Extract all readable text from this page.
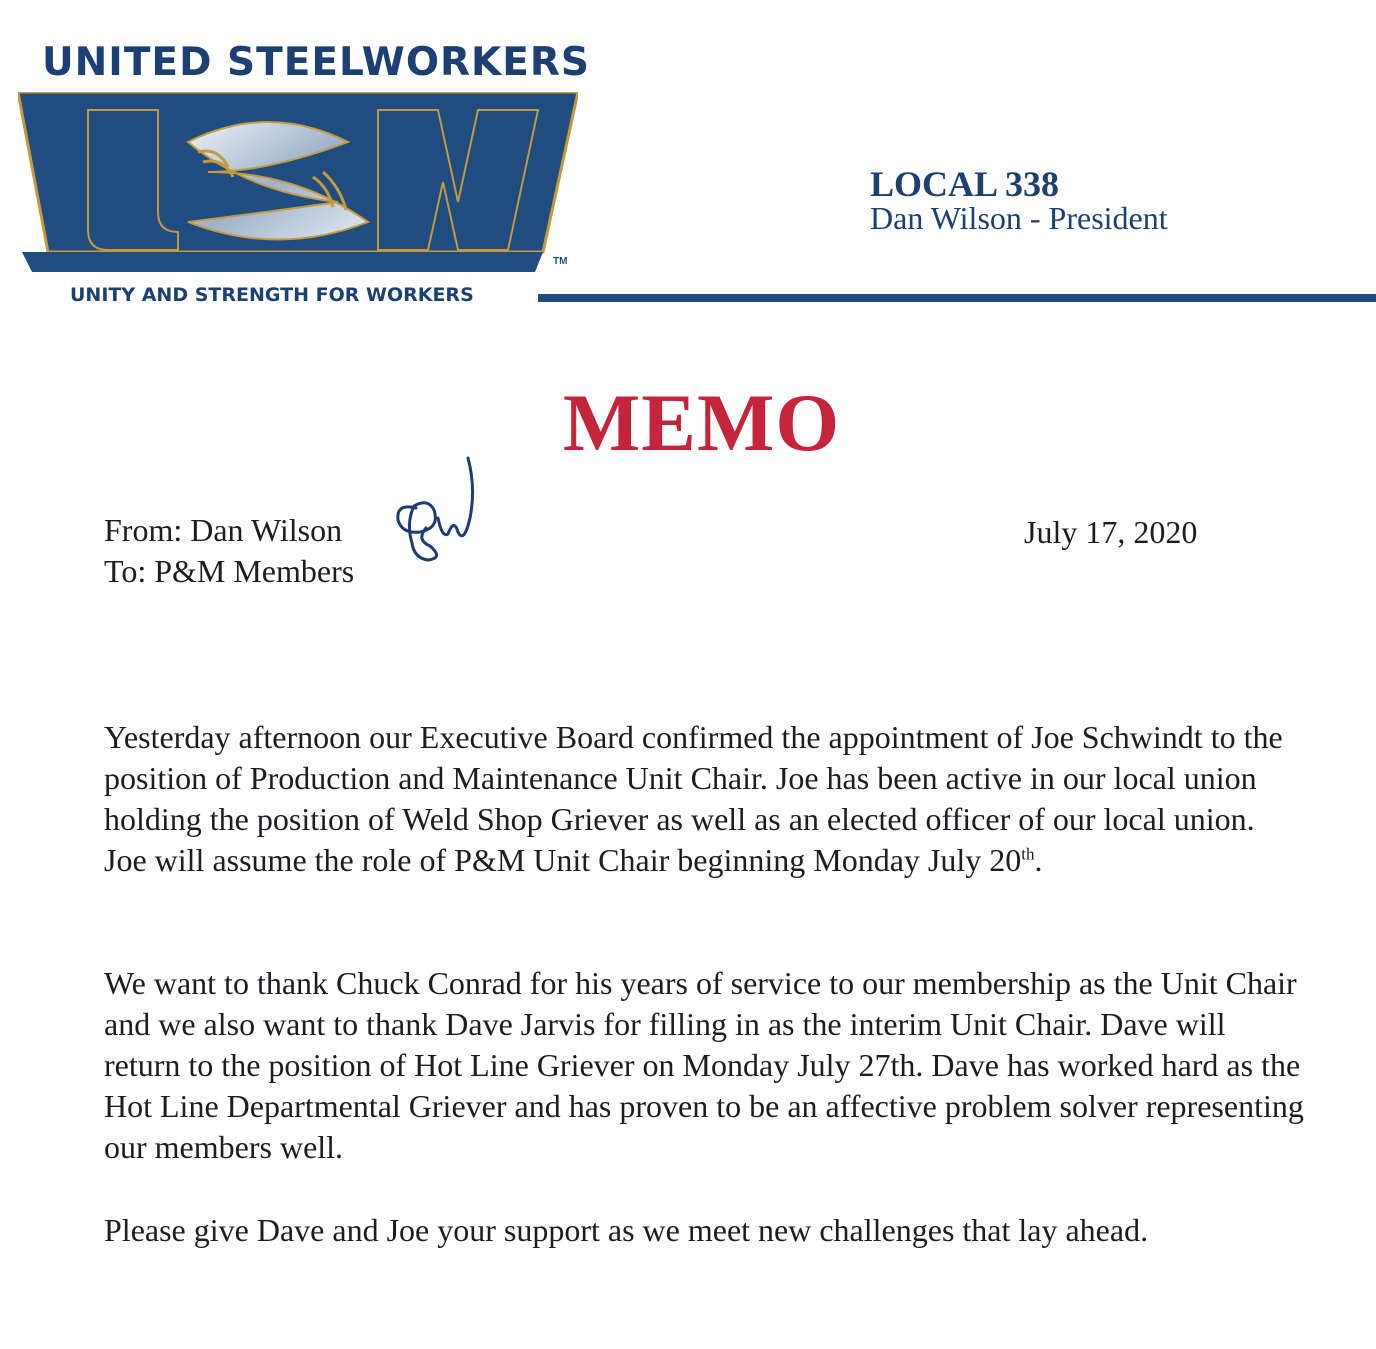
UNITED STEELWORKERS
TM
UNITY AND STRENGTH FOR WORKERS
LOCAL 338
Dan Wilson - President
MEMO
From: Dan Wilson
To: P&M Members
July 17, 2020

Yesterday afternoon our Executive Board confirmed the appointment of Joe Schwindt to the position of Production and Maintenance Unit Chair. Joe has been active in our local union holding the position of Weld Shop Griever as well as an elected officer of our local union. Joe will assume the role of P&M Unit Chair beginning Monday July 20th.

We want to thank Chuck Conrad for his years of service to our membership as the Unit Chair and we also want to thank Dave Jarvis for filling in as the interim Unit Chair. Dave will return to the position of Hot Line Griever on Monday July 27th. Dave has worked hard as the Hot Line Departmental Griever and has proven to be an affective problem solver representing our members well.

Please give Dave and Joe your support as we meet new challenges that lay ahead.
